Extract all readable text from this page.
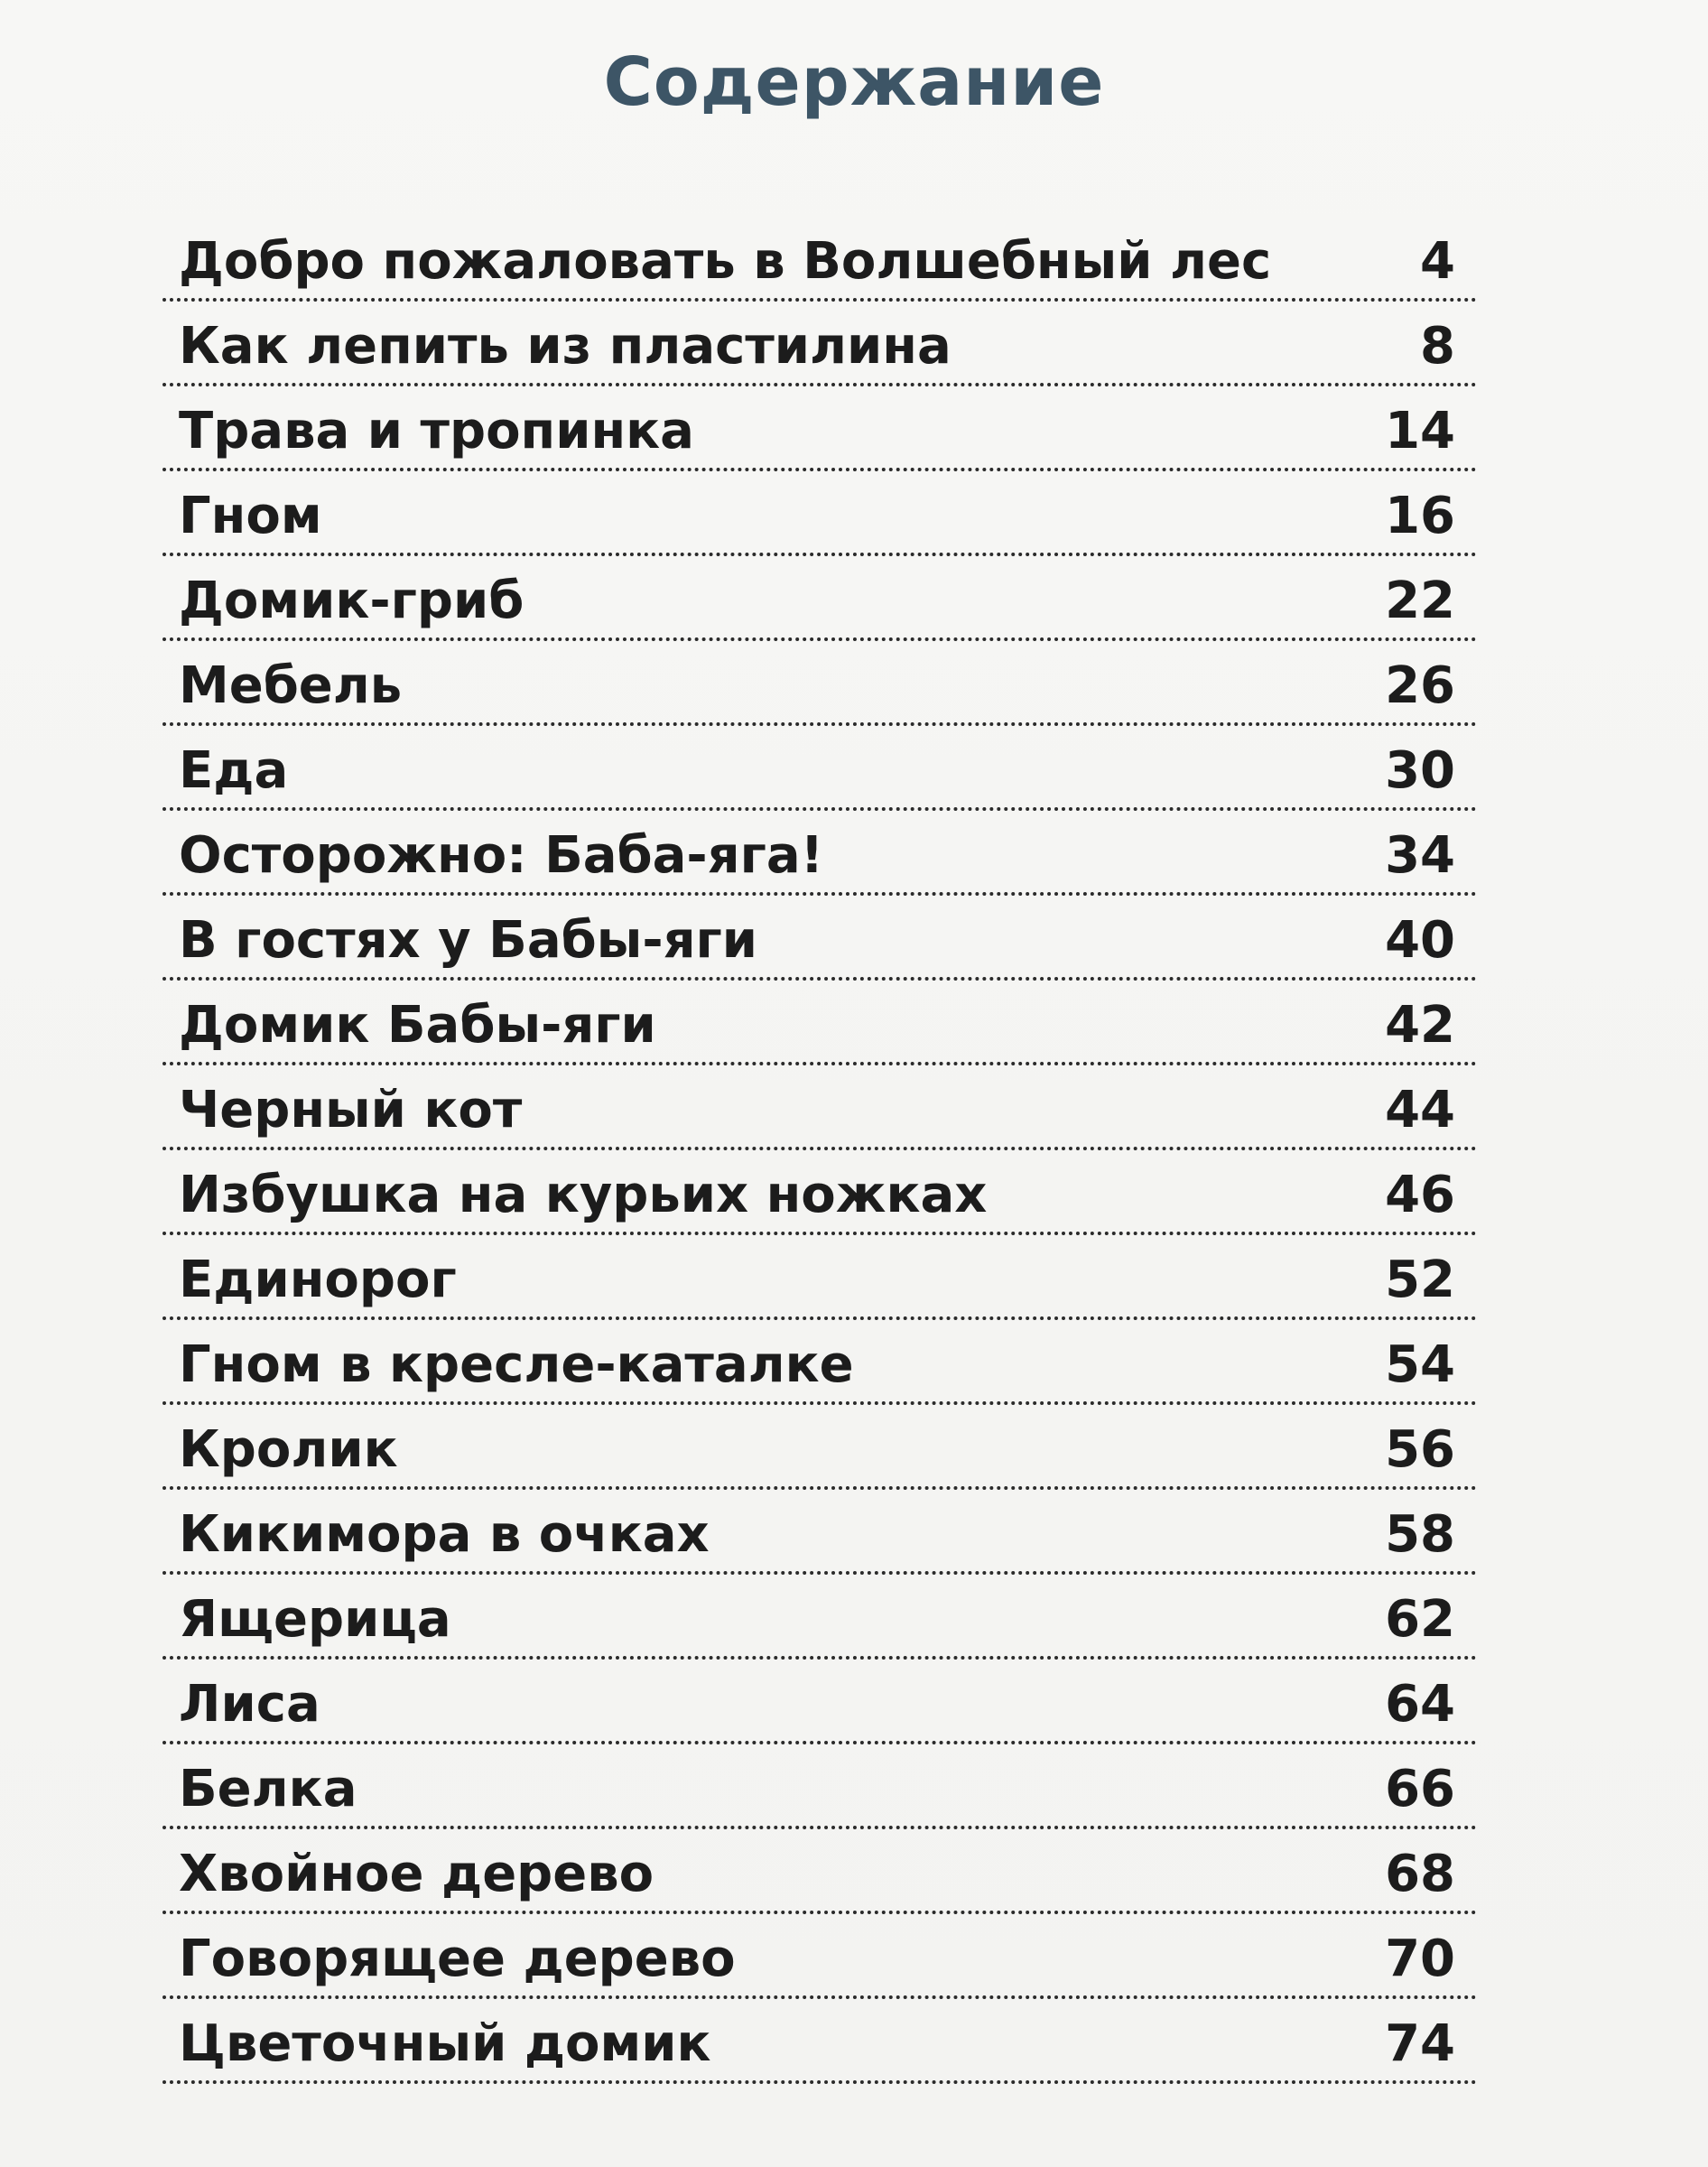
Содержание
Добро пожаловать в Волшебный лес	4
Как лепить из пластилина	8
Трава и тропинка	14
Гном	16
Домик-гриб	22
Мебель	26
Еда	30
Осторожно: Баба-яга!	34
В гостях у Бабы-яги	40
Домик Бабы-яги	42
Черный кот	44
Избушка на курьих ножках	46
Единорог	52
Гном в кресле-каталке	54
Кролик	56
Кикимора в очках	58
Ящерица	62
Лиса	64
Белка	66
Хвойное дерево	68
Говорящее дерево	70
Цветочный домик	74
